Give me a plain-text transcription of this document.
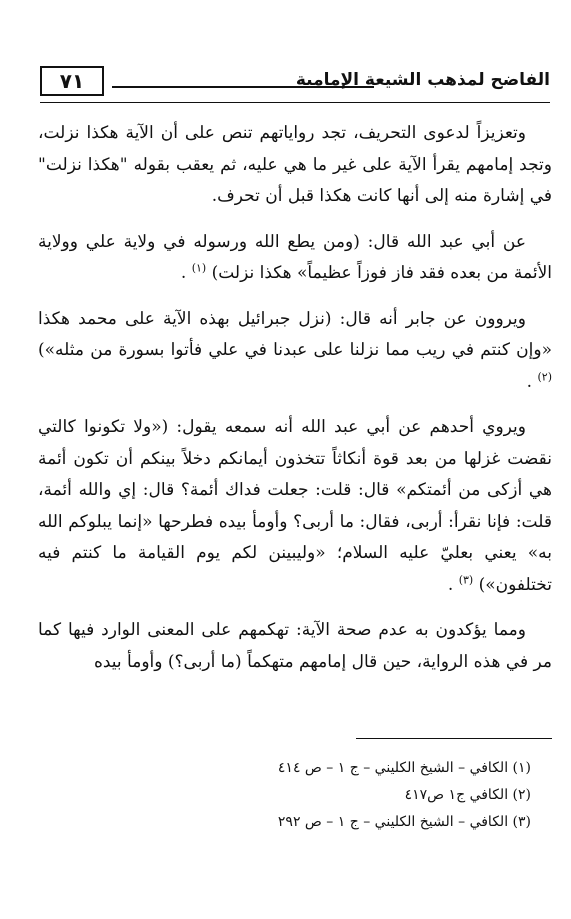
٧١	الفاضح لمذهب الشيعة الإمامية

وتعزيزاً لدعوى التحريف، تجد رواياتهم تنص على أن الآية هكذا نزلت، وتجد إمامهم يقرأ الآية على غير ما هي عليه، ثم يعقب بقوله "هكذا نزلت" في إشارة منه إلى أنها كانت هكذا قبل أن تحرف.

عن أبي عبد الله قال: (ومن يطع الله ورسوله في ولاية علي وولاية الأئمة من بعده فقد فاز فوزاً عظيماً» هكذا نزلت) $^{(١)}$ .

ويروون عن جابر أنه قال: (نزل جبرائيل بهذه الآية على محمد هكذا «وإن كنتم في ريب مما نزلنا على عبدنا في علي فأتوا بسورة من مثله») $^{(٢)}$ .

ويروي أحدهم عن أبي عبد الله أنه سمعه يقول: («ولا تكونوا كالتي نقضت غزلها من بعد قوة أنكاثاً تتخذون أيمانكم دخلاً بينكم أن تكون أئمة هي أزكى من أئمتكم» قال: قلت: جعلت فداك أئمة؟ قال: إي والله أئمة، قلت: فإنا نقرأ: أربى، فقال: ما أربى؟ وأومأ بيده فطرحها «إنما يبلوكم الله به» يعني بعليّ عليه السلام؛ «وليبينن لكم يوم القيامة ما كنتم فيه تختلفون») $^{(٣)}$ .

ومما يؤكدون به عدم صحة الآية: تهكمهم على المعنى الوارد فيها كما مر في هذه الرواية، حين قال إمامهم متهكماً (ما أربى؟) وأومأ بيده

(١) الكافي – الشيخ الكليني – ج ١ – ص ٤١٤
(٢) الكافي ج١ ص٤١٧
(٣) الكافي – الشيخ الكليني – ج ١ – ص ٢٩٢
